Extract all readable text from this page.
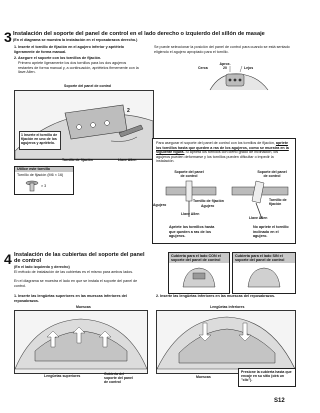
3 Instalación del soporte del panel de control en el lado derecho o izquierdo del sillón de masaje
(En el diagrama se muestra la instalación en el reposabrazos derecho.)
1. Inserte el tornillo de fijación en el agujero inferior y apriételo ligeramente de forma manual.
2. Asegure el soporte con los tornillos de fijación.
Primero apriete ligeramente los dos tornillos para los dos agujeros restantes de forma manual y, a continuación, apriételos firmemente con la llave Allen.
Se puede seleccionar la posición del panel de control para cuando se está sentado eligiendo el agujero apropiado para el tornillo.
Cerca
Aprox. 20	Lejos
Soporte del panel de control
1 Inserte el tornillo de fijación en uno de los agujeros y apriételo.
2
Tornillo de fijación	Llave Allen
Utilice este tornillo
Tornillo de fijación (M6 × 16)
× 3
Para asegurar el soporte del panel de control con los tornillos de fijación, apriete los tornillos hasta que queden a ras de los agujeros, como se muestra en la siguiente figura. Si aprieta los tornillos con cierto grado de inclinación, los agujeros pueden deformarse y los tornillos pueden dificultar o impedir la instalación.
Soporte del panel de control
Soporte del panel de control
Agujero
Tornillo de fijación
Agujero
Llave Allen
Tornillo de fijación
Llave Allen
Apriete los tornillos hasta que queden a ras de los agujeros.
No apriete el tornillo inclinado en el agujero.
4 Instalación de las cubiertas del soporte del panel de control
(En el lado izquierdo y derecho)
El método de instalación de las cubiertas es el mismo para ambos lados.
En el diagrama se muestra el lado en que se instala el soporte del panel de control.
Cubierta para el lado CON el soporte del panel de control
Cubierta para el lado SIN el soporte del panel de control
1. Inserte las lengüetas superiores en las muescas inferiores del reposabrazos.
2. Inserte las lengüetas inferiores en las muescas del reposabrazos.
Muescas
Lengüetas superiores	Cubierta del soporte del panel de control
Lengüetas inferiores
Muescas
Presione la cubierta hasta que encaje en su sitio (oirá un "clic").
S12
